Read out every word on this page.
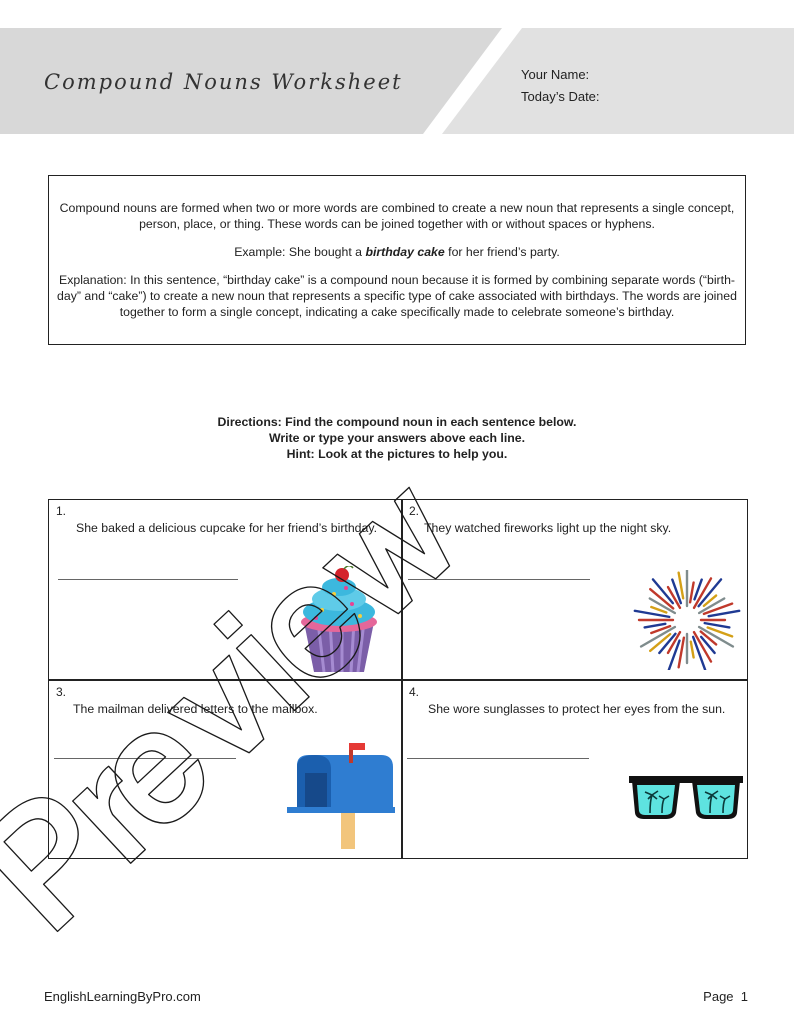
Compound Nouns Worksheet	Your Name:
Today’s Date:

Compound nouns are formed when two or more words are combined to create a new noun that represents a single concept, person, place, or thing. These words can be joined together with or without spaces or hyphens.

Example: She bought a birthday cake for her friend’s party.

Explanation: In this sentence, “birthday cake” is a compound noun because it is formed by combining separate words (“birth-day” and “cake”) to create a new noun that represents a specific type of cake associated with birthdays. The words are joined together to form a single concept, indicating a cake specifically made to celebrate someone’s birthday.

Directions: Find the compound noun in each sentence below.
Write or type your answers above each line.
Hint: Look at the pictures to help you.
1.
She baked a delicious cupcake for her friend’s birthday.
2.
They watched fireworks light up the night sky.
3.
The mailman delivered letters to the mailbox.
4.
She wore sunglasses to protect her eyes from the sun.
EnglishLearningByPro.com	Page  1
